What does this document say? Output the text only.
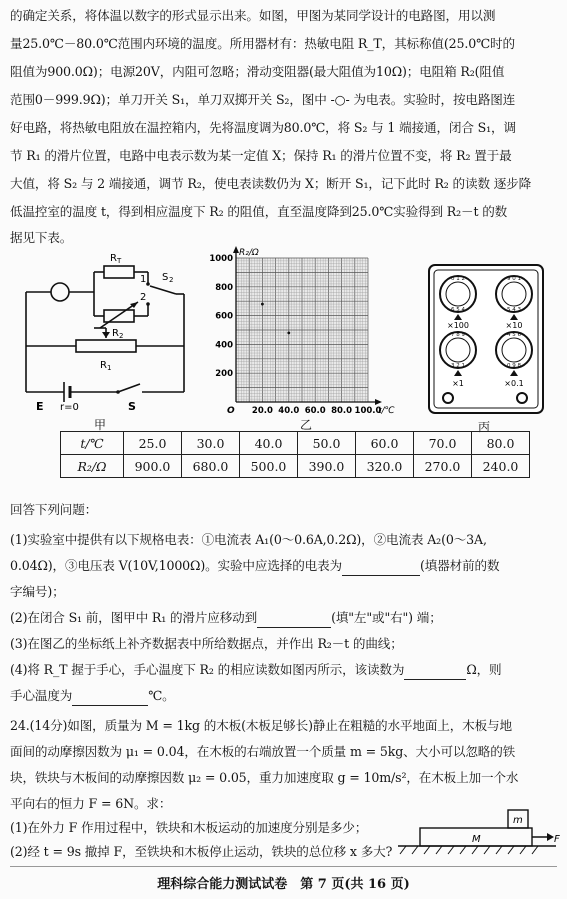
的确定关系，将体温以数字的形式显示出来。如图，甲图为某同学设计的电路图，用以测
量25.0℃－80.0℃范围内环境的温度。所用器材有：热敏电阻 R_T，其标称值(25.0℃时的
阻值为900.0Ω)；电源20V，内阻可忽略；滑动变阻器(最大阻值为10Ω)；电阻箱 R₂(阻值
范围0－999.9Ω)；单刀开关 S₁，单刀双掷开关 S₂，图中 -○- 为电表。实验时，按电路图连
好电路，将热敏电阻放在温控箱内，先将温度调为80.0℃，将 S₂ 与 1 端接通，闭合 S₁，调
节 R₁ 的滑片位置，电路中电表示数为某一定值 X；保持 R₁ 的滑片位置不变，将 R₂ 置于最
大值，将 S₂ 与 2 端接通，调节 R₂，使电表读数仍为 X；断开 S₁，记下此时 R₂ 的读数 逐步降
低温控室的温度 t，得到相应温度下 R₂ 的阻值，直至温度降到25.0℃实验得到 R₂－t 的数
据见下表。
R T
1 S 2
2
R 2
R 1
E r=0	S
甲
200
400
600
800
1000
20.0 40.0 60.0 80.0 100.0
O
R₂/Ω
t/℃
乙
0 1 2
6 5 4
9 0 1
5 4 3
7 8 9
3 2 1
4 5 6
0 9 8
×100	×10
×1	×0.1
丙
t/℃	25.0	30.0	40.0	50.0	60.0	70.0	80.0
R₂/Ω	900.0	680.0	500.0	390.0	320.0	270.0	240.0
回答下列问题：
(1)实验室中提供有以下规格电表：①电流表 A₁(0～0.6A,0.2Ω)，②电流表 A₂(0～3A,
0.04Ω)，③电压表 V(10V,1000Ω)。实验中应选择的电表为	(填器材前的数
字编号)；
(2)在闭合 S₁ 前，图甲中 R₁ 的滑片应移动到	(填"左"或"右") 端；
(3)在图乙的坐标纸上补齐数据表中所给数据点，并作出 R₂－t 的曲线；
(4)将 R_T 握于手心，手心温度下 R₂ 的相应读数如图丙所示，该读数为	Ω，则
手心温度为	℃。
24.(14分)如图，质量为 M = 1kg 的木板(木板足够长)静止在粗糙的水平地面上，木板与地
面间的动摩擦因数为 μ₁ = 0.04，在木板的右端放置一个质量 m = 5kg、大小可以忽略的铁
块，铁块与木板间的动摩擦因数 μ₂ = 0.05，重力加速度取 g = 10m/s²，在木板上加一个水
平向右的恒力 F = 6N。求：
(1)在外力 F 作用过程中，铁块和木板运动的加速度分别是多少；
(2)经 t = 9s 撤掉 F，至铁块和木板停止运动，铁块的总位移 x 多大?
m
M	F
理科综合能力测试试卷　第 7 页(共 16 页)
